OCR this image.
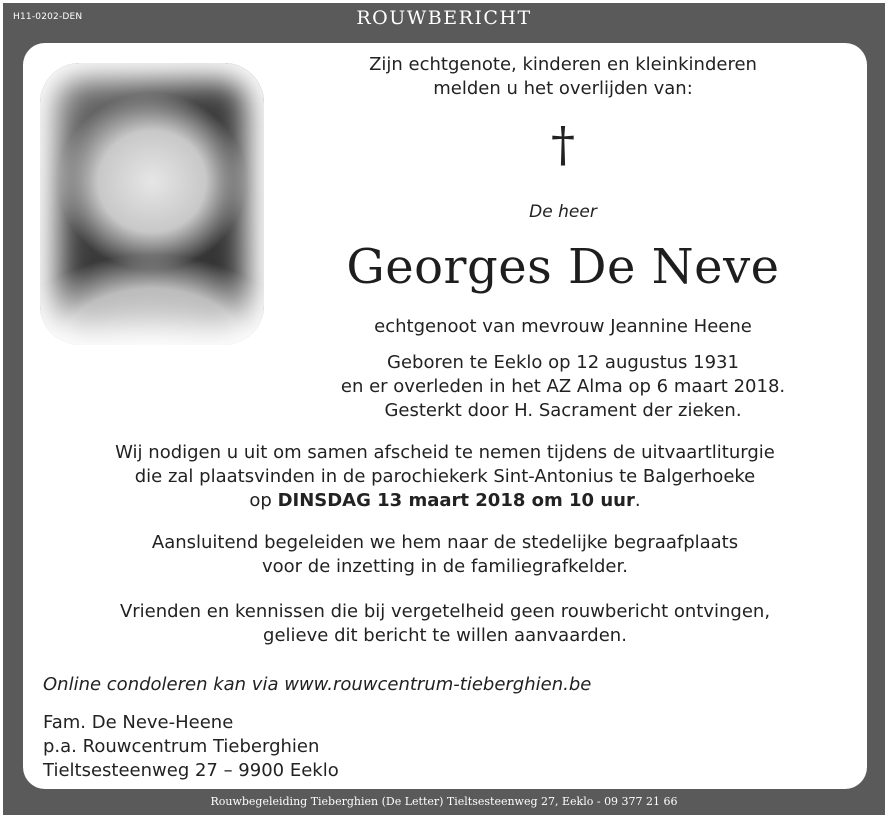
H11-0202-DEN	ROUWBERICHT
Zijn echtgenote, kinderen en kleinkinderen
melden u het overlijden van:
†
De heer
Georges De Neve
echtgenoot van mevrouw Jeannine Heene
Geboren te Eeklo op 12 augustus 1931
en er overleden in het AZ Alma op 6 maart 2018.
Gesterkt door H. Sacrament der zieken.
Wij nodigen u uit om samen afscheid te nemen tijdens de uitvaartliturgie
die zal plaatsvinden in de parochiekerk Sint-Antonius te Balgerhoeke
op DINSDAG 13 maart 2018 om 10 uur.
Aansluitend begeleiden we hem naar de stedelijke begraafplaats
voor de inzetting in de familiegrafkelder.
Vrienden en kennissen die bij vergetelheid geen rouwbericht ontvingen,
gelieve dit bericht te willen aanvaarden.
Online condoleren kan via www.rouwcentrum-tieberghien.be
Fam. De Neve-Heene
p.a. Rouwcentrum Tieberghien
Tieltsesteenweg 27 – 9900 Eeklo
Rouwbegeleiding Tieberghien (De Letter) Tieltsesteenweg 27, Eeklo - 09 377 21 66
